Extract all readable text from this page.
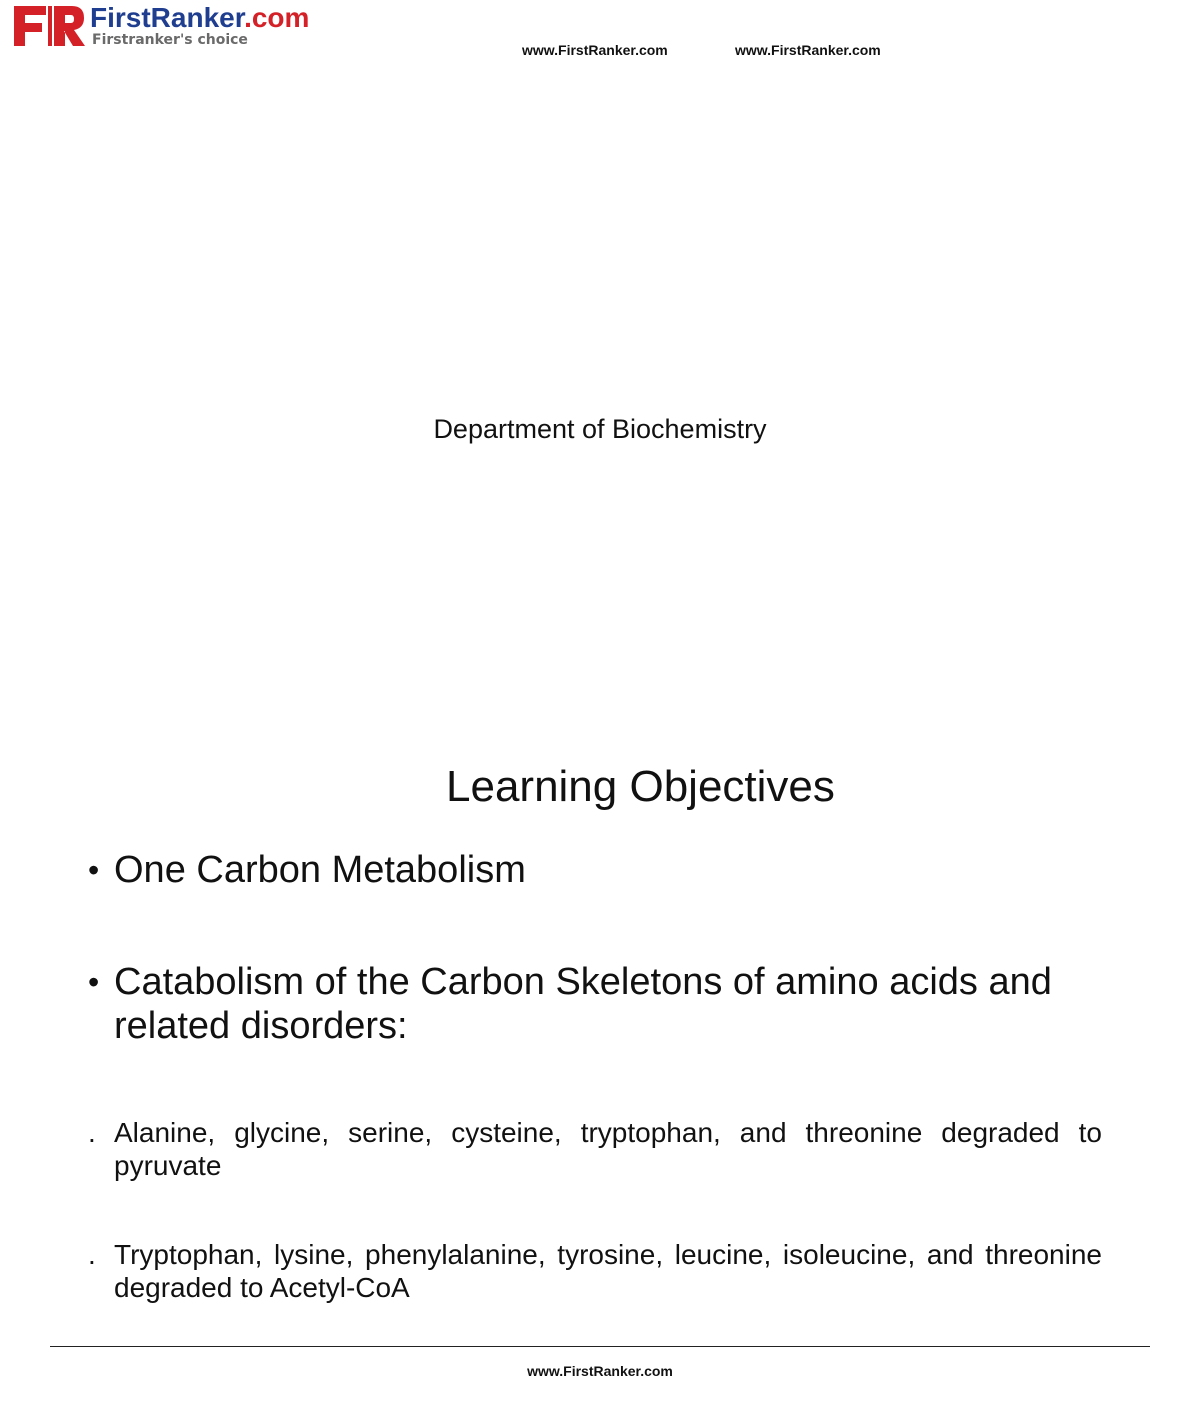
FirstRanker.com
Firstranker's choice
www.FirstRanker.com	www.FirstRanker.com
Department of Biochemistry
Learning Objectives
• One Carbon Metabolism
• Catabolism of the Carbon Skeletons of amino acids and related disorders:
. Alanine, glycine, serine, cysteine, tryptophan, and threonine degraded to pyruvate
. Tryptophan, lysine, phenylalanine, tyrosine, leucine, isoleucine, and threonine degraded to Acetyl-CoA
www.FirstRanker.com
